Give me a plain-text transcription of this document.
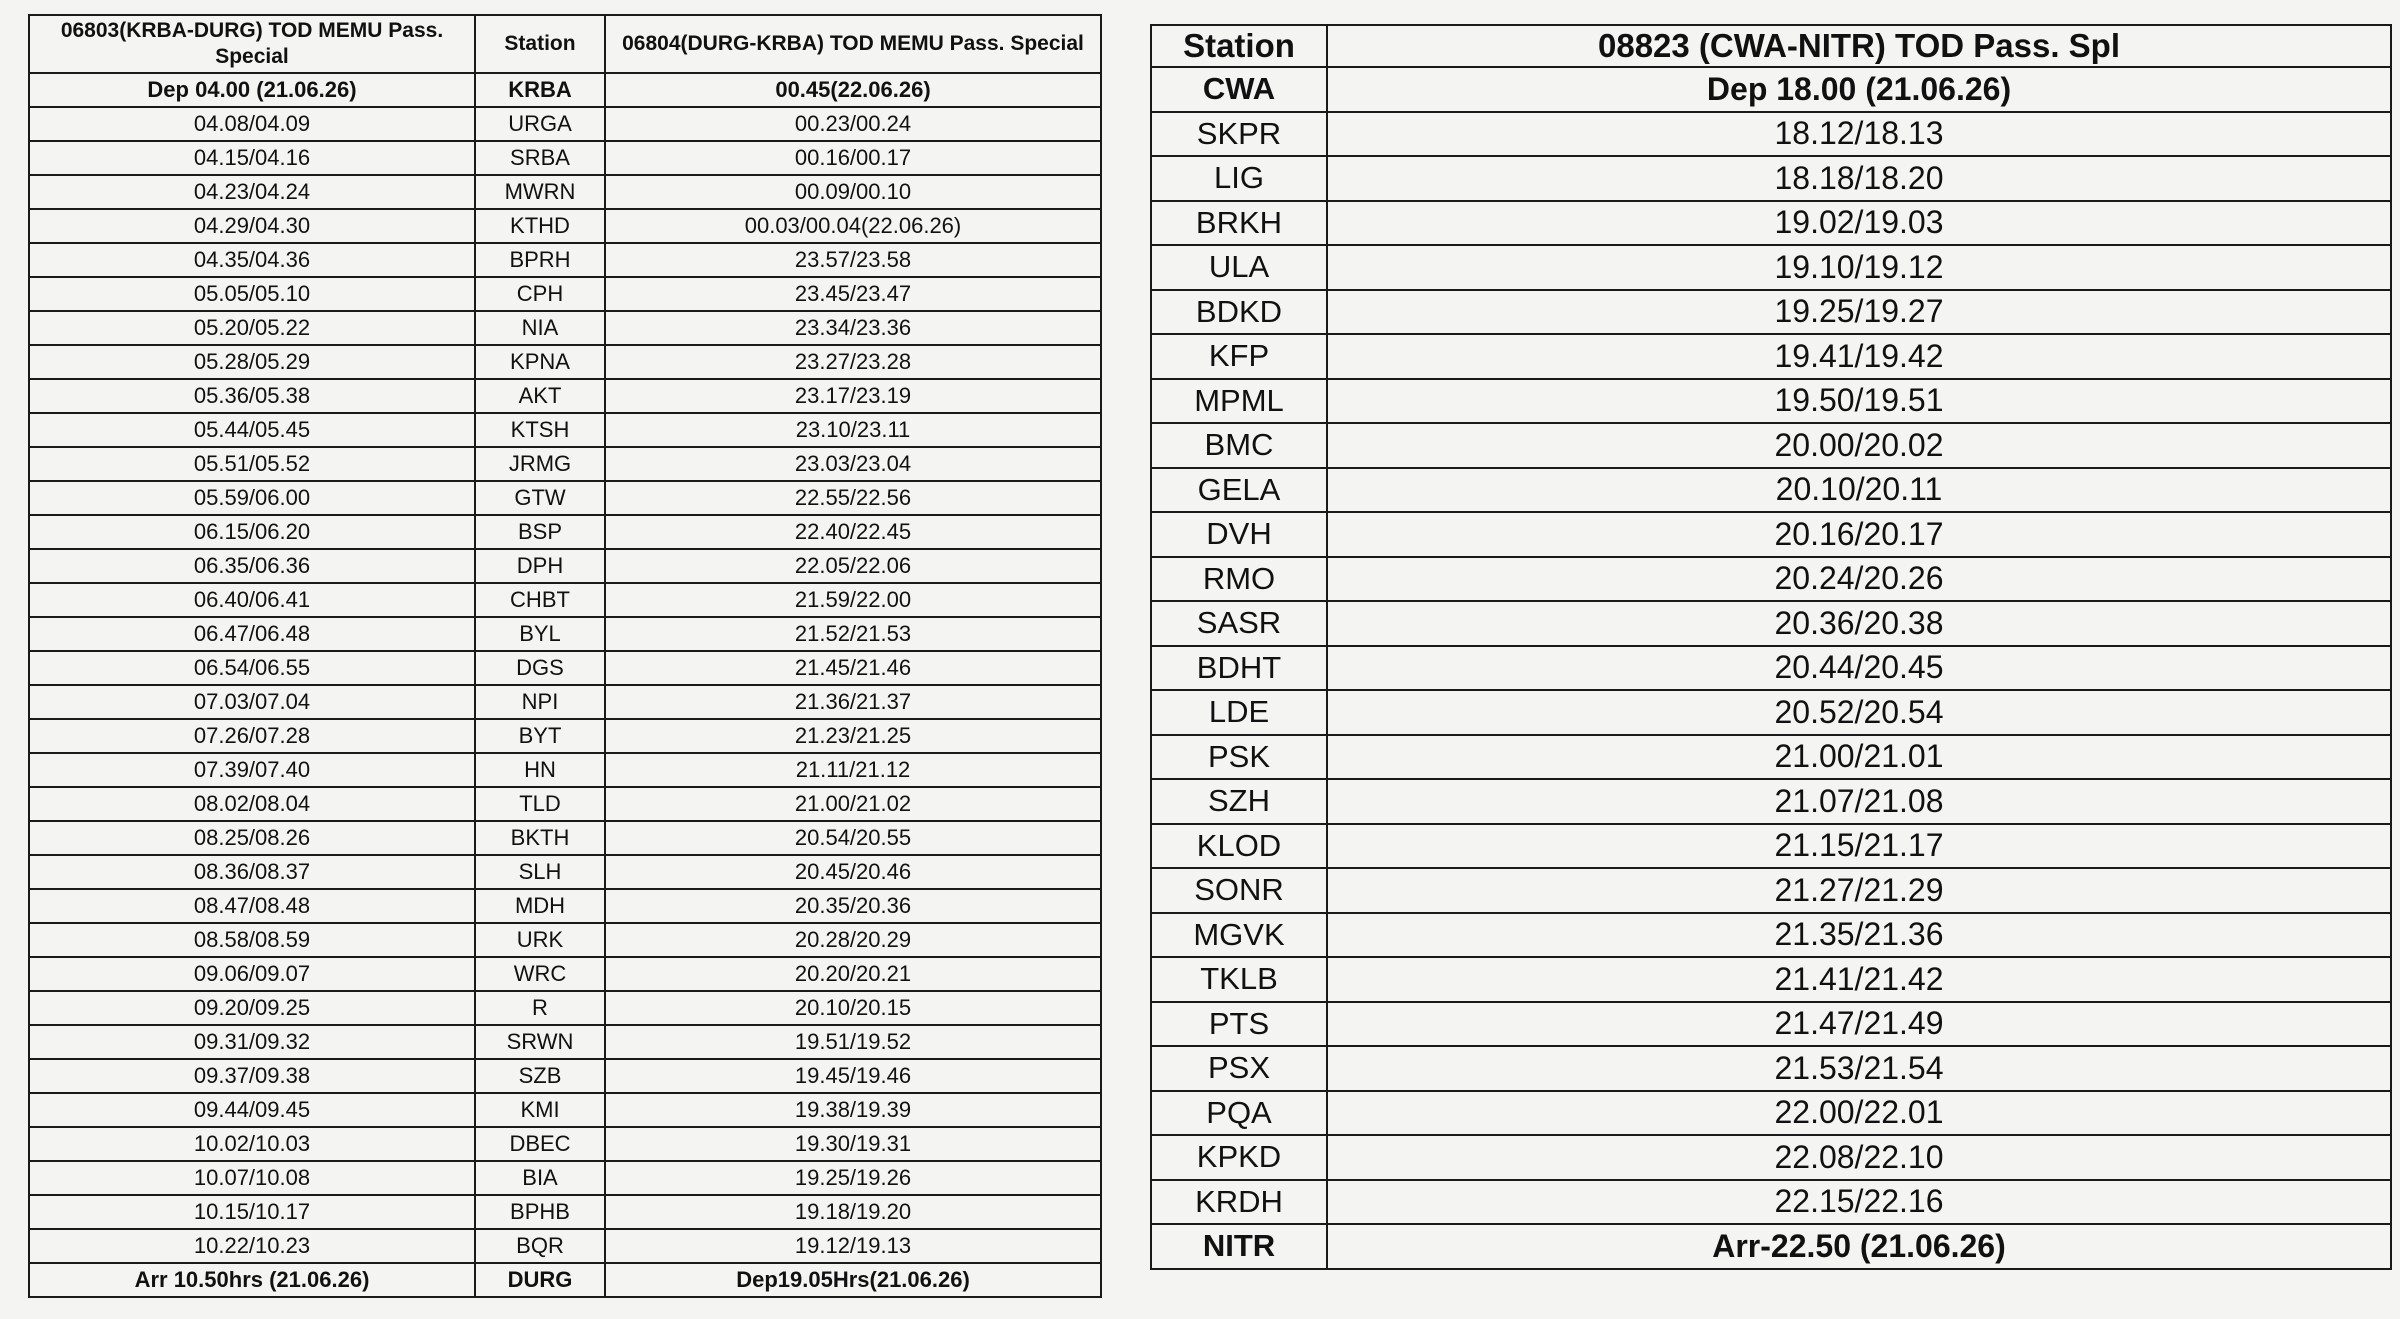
06803(KRBA-DURG) TOD MEMU Pass. Special	Station	06804(DURG-KRBA) TOD MEMU Pass. Special
Dep 04.00 (21.06.26)	KRBA	00.45(22.06.26)
04.08/04.09	URGA	00.23/00.24
04.15/04.16	SRBA	00.16/00.17
04.23/04.24	MWRN	00.09/00.10
04.29/04.30	KTHD	00.03/00.04(22.06.26)
04.35/04.36	BPRH	23.57/23.58
05.05/05.10	CPH	23.45/23.47
05.20/05.22	NIA	23.34/23.36
05.28/05.29	KPNA	23.27/23.28
05.36/05.38	AKT	23.17/23.19
05.44/05.45	KTSH	23.10/23.11
05.51/05.52	JRMG	23.03/23.04
05.59/06.00	GTW	22.55/22.56
06.15/06.20	BSP	22.40/22.45
06.35/06.36	DPH	22.05/22.06
06.40/06.41	CHBT	21.59/22.00
06.47/06.48	BYL	21.52/21.53
06.54/06.55	DGS	21.45/21.46
07.03/07.04	NPI	21.36/21.37
07.26/07.28	BYT	21.23/21.25
07.39/07.40	HN	21.11/21.12
08.02/08.04	TLD	21.00/21.02
08.25/08.26	BKTH	20.54/20.55
08.36/08.37	SLH	20.45/20.46
08.47/08.48	MDH	20.35/20.36
08.58/08.59	URK	20.28/20.29
09.06/09.07	WRC	20.20/20.21
09.20/09.25	R	20.10/20.15
09.31/09.32	SRWN	19.51/19.52
09.37/09.38	SZB	19.45/19.46
09.44/09.45	KMI	19.38/19.39
10.02/10.03	DBEC	19.30/19.31
10.07/10.08	BIA	19.25/19.26
10.15/10.17	BPHB	19.18/19.20
10.22/10.23	BQR	19.12/19.13
Arr 10.50hrs (21.06.26)	DURG	Dep19.05Hrs(21.06.26)
Station	08823 (CWA-NITR) TOD Pass. Spl
CWA	Dep 18.00 (21.06.26)
SKPR	18.12/18.13
LIG	18.18/18.20
BRKH	19.02/19.03
ULA	19.10/19.12
BDKD	19.25/19.27
KFP	19.41/19.42
MPML	19.50/19.51
BMC	20.00/20.02
GELA	20.10/20.11
DVH	20.16/20.17
RMO	20.24/20.26
SASR	20.36/20.38
BDHT	20.44/20.45
LDE	20.52/20.54
PSK	21.00/21.01
SZH	21.07/21.08
KLOD	21.15/21.17
SONR	21.27/21.29
MGVK	21.35/21.36
TKLB	21.41/21.42
PTS	21.47/21.49
PSX	21.53/21.54
PQA	22.00/22.01
KPKD	22.08/22.10
KRDH	22.15/22.16
NITR	Arr-22.50 (21.06.26)
